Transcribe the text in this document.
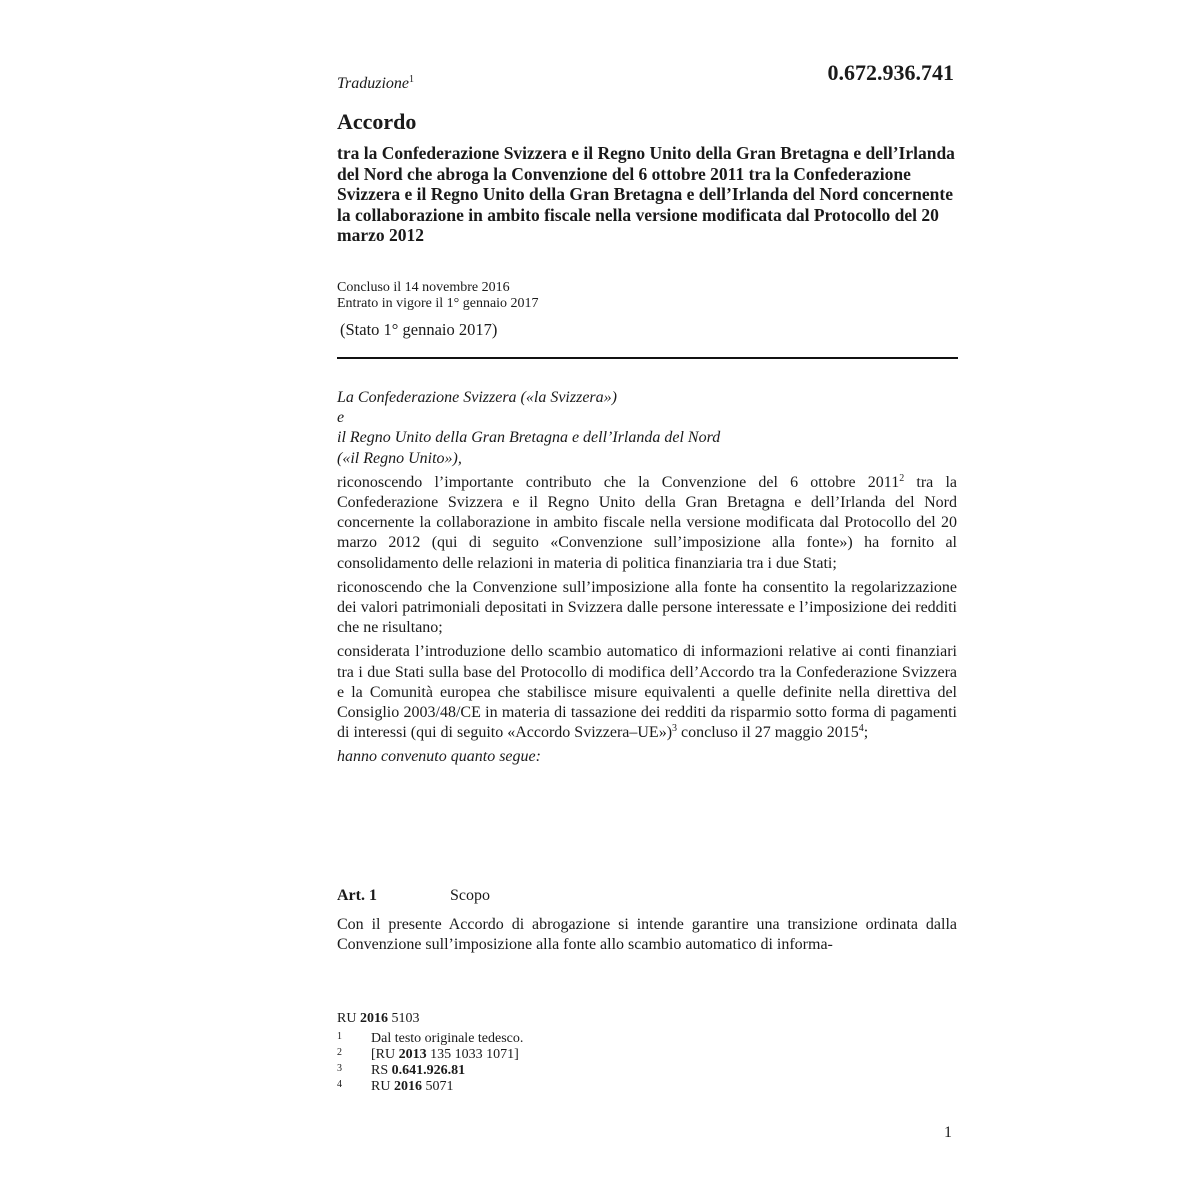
Traduzione$^1$	0.672.936.741
Accordo
tra la Confederazione Svizzera e il Regno Unito della Gran Bretagna e dell’Irlanda del Nord che abroga la Convenzione del 6 ottobre 2011 tra la Confederazione Svizzera e il Regno Unito della Gran Bretagna e dell’Irlanda del Nord concernente la collaborazione in ambito fiscale nella versione modificata dal Protocollo del 20 marzo 2012
Concluso il 14 novembre 2016
Entrato in vigore il 1° gennaio 2017
(Stato 1° gennaio 2017)
La Confederazione Svizzera («la Svizzera»)
e
il Regno Unito della Gran Bretagna e dell’Irlanda del Nord
(«il Regno Unito»),

riconoscendo l’importante contributo che la Convenzione del 6 ottobre 2011$^2$ tra la Confederazione Svizzera e il Regno Unito della Gran Bretagna e dell’Irlanda del Nord concernente la collaborazione in ambito fiscale nella versione modificata dal Protocollo del 20 marzo 2012 (qui di seguito «Convenzione sull’imposizione alla fonte») ha fornito al consolidamento delle relazioni in materia di politica finanziaria tra i due Stati;

riconoscendo che la Convenzione sull’imposizione alla fonte ha consentito la regolarizzazione dei valori patrimoniali depositati in Svizzera dalle persone interessate e l’imposizione dei redditi che ne risultano;

considerata l’introduzione dello scambio automatico di informazioni relative ai conti finanziari tra i due Stati sulla base del Protocollo di modifica dell’Accordo tra la Confederazione Svizzera e la Comunità europea che stabilisce misure equivalenti a quelle definite nella direttiva del Consiglio 2003/48/CE in materia di tassazione dei redditi da risparmio sotto forma di pagamenti di interessi (qui di seguito «Accordo Svizzera–UE»)$^3$ concluso il 27 maggio 2015$^4$;

hanno convenuto quanto segue:
Art. 1	Scopo
Con il presente Accordo di abrogazione si intende garantire una transizione ordinata dalla Convenzione sull’imposizione alla fonte allo scambio automatico di informa-
RU 2016 5103
1	Dal testo originale tedesco.
2	[RU 2013 135 1033 1071]
3	RS 0.641.926.81
4	RU 2016 5071
1
